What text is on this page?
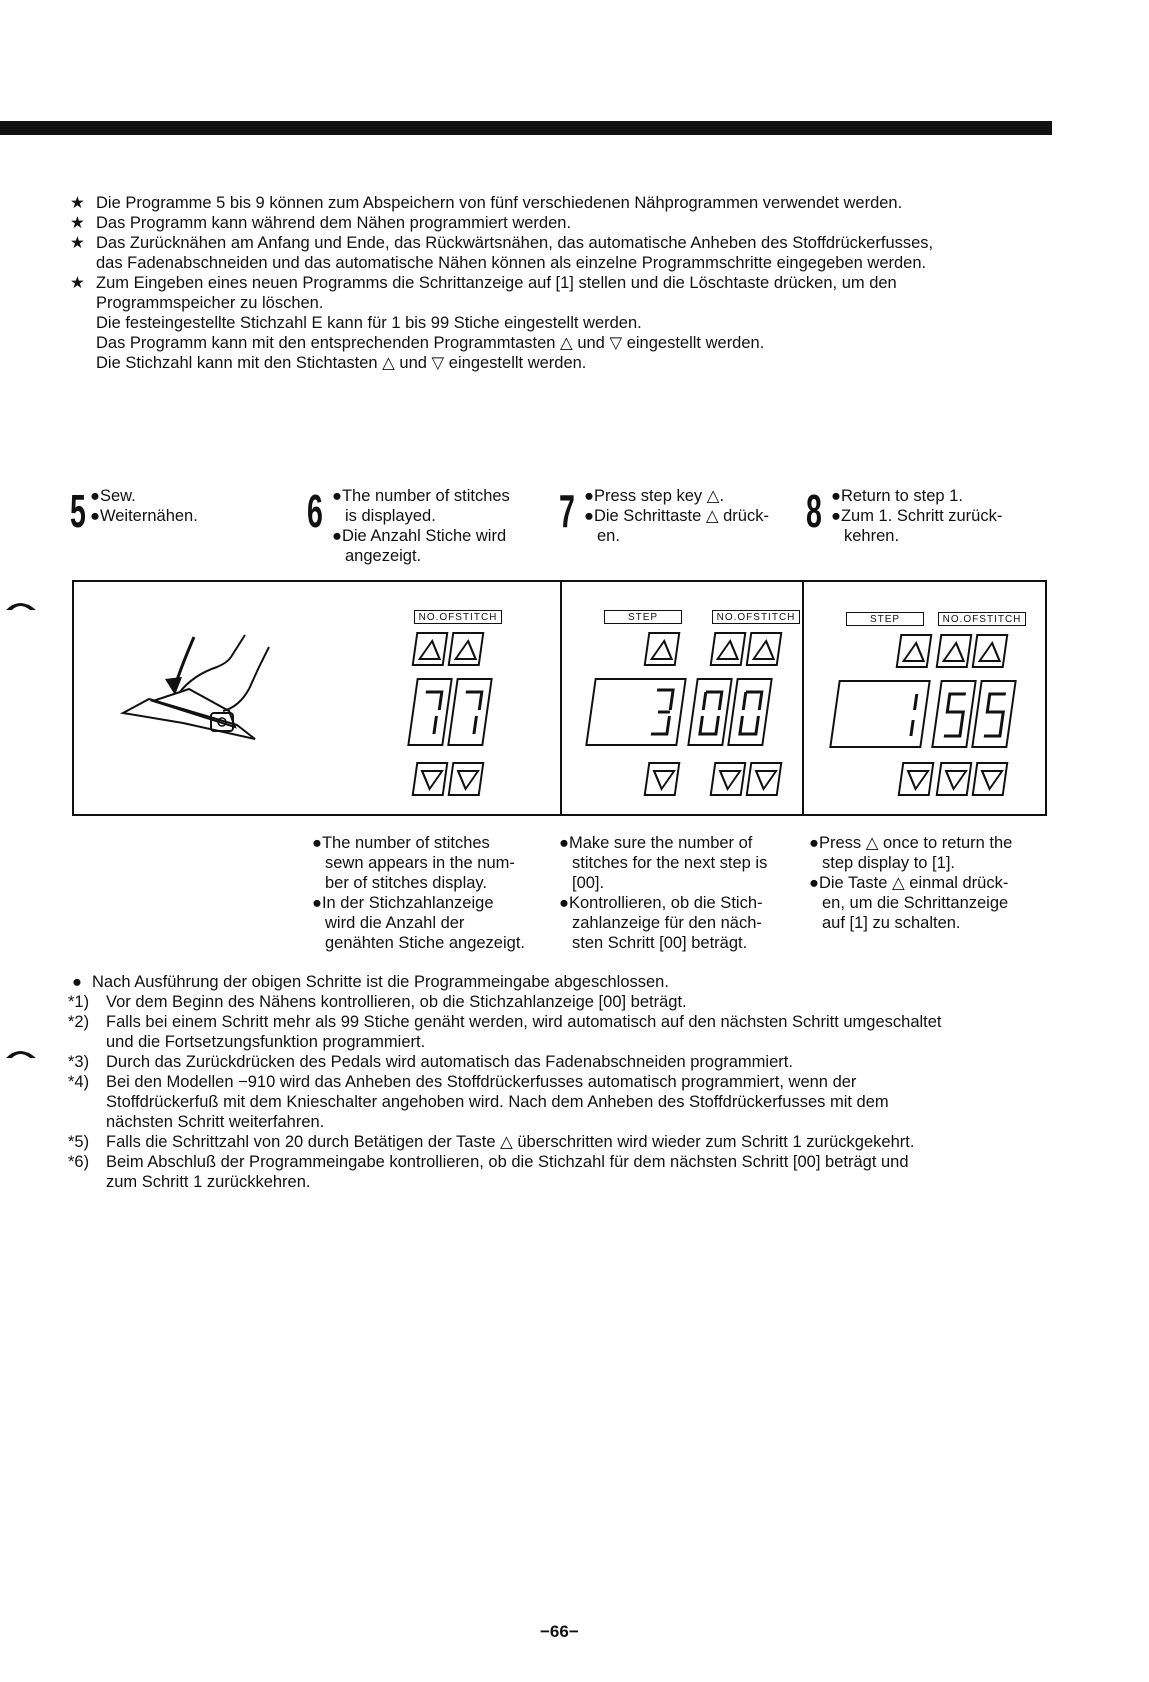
★ Die Programme 5 bis 9 können zum Abspeichern von fünf verschiedenen Nähprogrammen verwendet werden.
★ Das Programm kann während dem Nähen programmiert werden.
★ Das Zurücknähen am Anfang und Ende, das Rückwärtsnähen, das automatische Anheben des Stoffdrückerfusses,
das Fadenabschneiden und das automatische Nähen können als einzelne Programmschritte eingegeben werden.
★ Zum Eingeben eines neuen Programms die Schrittanzeige auf [1] stellen und die Löschtaste drücken, um den
Programmspeicher zu löschen.
Die festeingestellte Stichzahl E kann für 1 bis 99 Stiche eingestellt werden.
Das Programm kann mit den entsprechenden Programmtasten △ und ▽ eingestellt werden.
Die Stichzahl kann mit den Stichtasten △ und ▽ eingestellt werden.
5 ●Sew.
●Weiternähen. 6 ●The number of stitches
is displayed.
●Die Anzahl Stiche wird
angezeigt.
7 ●Press step key △.
●Die Schrittaste △ drück-
en.	8 ●Return to step 1.
●Zum 1. Schritt zurück-
kehren.
NO.OFSTITCH	STEP	NO.OFSTITCH	STEP	NO.OFSTITCH
●The number of stitches
sewn appears in the num-
ber of stitches display.
●In der Stichzahlanzeige
wird die Anzahl der
genähten Stiche angezeigt.
●Make sure the number of
stitches for the next step is
[00].
●Kontrollieren, ob die Stich-
zahlanzeige für den näch-
sten Schritt [00] beträgt.
●Press △ once to return the
step display to [1].
●Die Taste △ einmal drück-
en, um die Schrittanzeige
auf [1] zu schalten.
● Nach Ausführung der obigen Schritte ist die Programmeingabe abgeschlossen.
*1) Vor dem Beginn des Nähens kontrollieren, ob die Stichzahlanzeige [00] beträgt.
*2) Falls bei einem Schritt mehr als 99 Stiche genäht werden, wird automatisch auf den nächsten Schritt umgeschaltet
und die Fortsetzungsfunktion programmiert.
*3) Durch das Zurückdrücken des Pedals wird automatisch das Fadenabschneiden programmiert.
*4) Bei den Modellen −910 wird das Anheben des Stoffdrückerfusses automatisch programmiert, wenn der
Stoffdrückerfuß mit dem Knieschalter angehoben wird. Nach dem Anheben des Stoffdrückerfusses mit dem
nächsten Schritt weiterfahren.
*5) Falls die Schrittzahl von 20 durch Betätigen der Taste △ überschritten wird wieder zum Schritt 1 zurückgekehrt.
*6) Beim Abschluß der Programmeingabe kontrollieren, ob die Stichzahl für dem nächsten Schritt [00] beträgt und
zum Schritt 1 zurückkehren.
−66−
